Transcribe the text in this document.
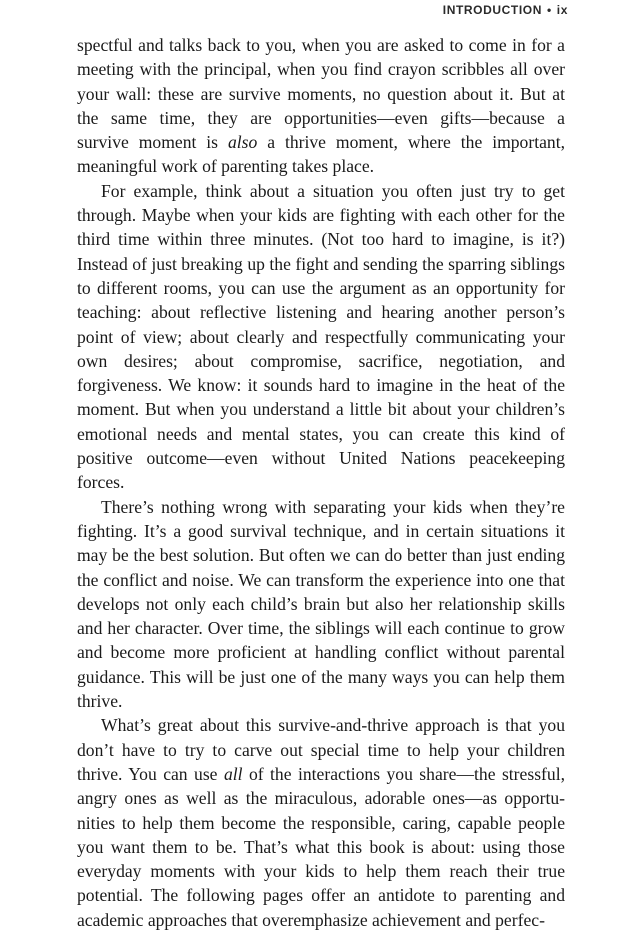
INTRODUCTION • ix

spectful and talks back to you, when you are asked to come in for a meeting with the principal, when you find crayon scribbles all over your wall: these are survive moments, no question about it. But at the same time, they are opportunities—even gifts—because a survive moment is also a thrive moment, where the important, meaningful work of parenting takes place.

For example, think about a situation you often just try to get through. Maybe when your kids are fighting with each other for the third time within three minutes. (Not too hard to imagine, is it?) Instead of just breaking up the fight and sending the sparring siblings to different rooms, you can use the argument as an opportunity for teaching: about reflective listening and hearing another person’s point of view; about clearly and respectfully communicating your own desires; about compromise, sacrifice, negotiation, and forgiveness. We know: it sounds hard to imagine in the heat of the moment. But when you understand a little bit about your children’s emotional needs and mental states, you can create this kind of positive outcome—even without United Nations peacekeeping forces.

There’s nothing wrong with separating your kids when they’re fighting. It’s a good survival technique, and in certain situations it may be the best solution. But often we can do better than just ending the conflict and noise. We can transform the experience into one that develops not only each child’s brain but also her relationship skills and her character. Over time, the siblings will each continue to grow and become more proficient at handling conflict without parental guidance. This will be just one of the many ways you can help them thrive.

What’s great about this survive-and-thrive approach is that you don’t have to try to carve out special time to help your children thrive. You can use all of the interactions you share—the stressful, angry ones as well as the miraculous, adorable ones—as opportunities to help them become the responsible, caring, capable people you want them to be. That’s what this book is about: using those everyday moments with your kids to help them reach their true potential. The following pages offer an antidote to parenting and academic approaches that overemphasize achievement and perfec-
